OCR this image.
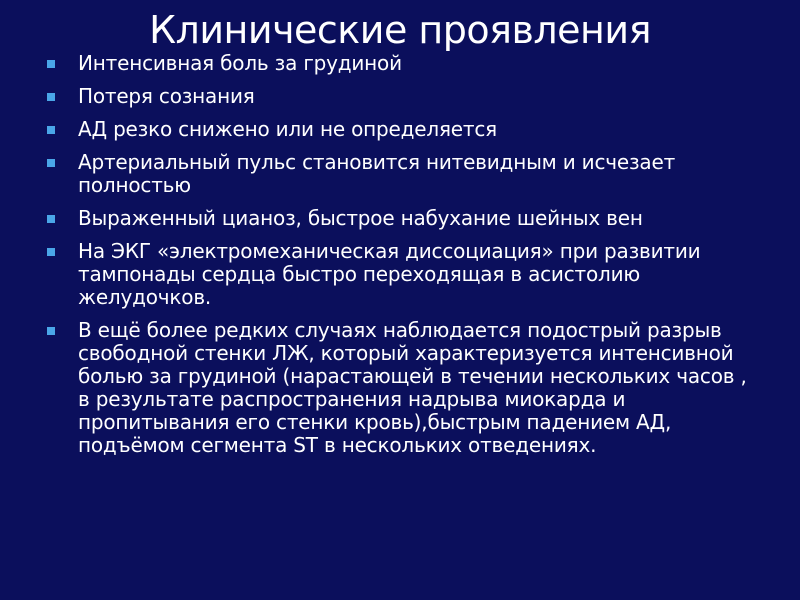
Клинические проявления
Интенсивная боль за грудиной
Потеря сознания
АД резко снижено или не определяется
Артериальный пульс становится нитевидным и исчезает полностью
Выраженный цианоз, быстрое набухание шейных вен
На ЭКГ «электромеханическая диссоциация» при развитии тампонады сердца быстро переходящая в асистолию желудочков.
В ещё более редких случаях наблюдается подострый разрыв свободной стенки ЛЖ, который характеризуется интенсивной болью за грудиной (нарастающей в течении нескольких часов , в результате распространения надрыва миокарда и пропитывания его стенки кровь),быстрым падением АД, подъёмом сегмента ST в нескольких отведениях.
